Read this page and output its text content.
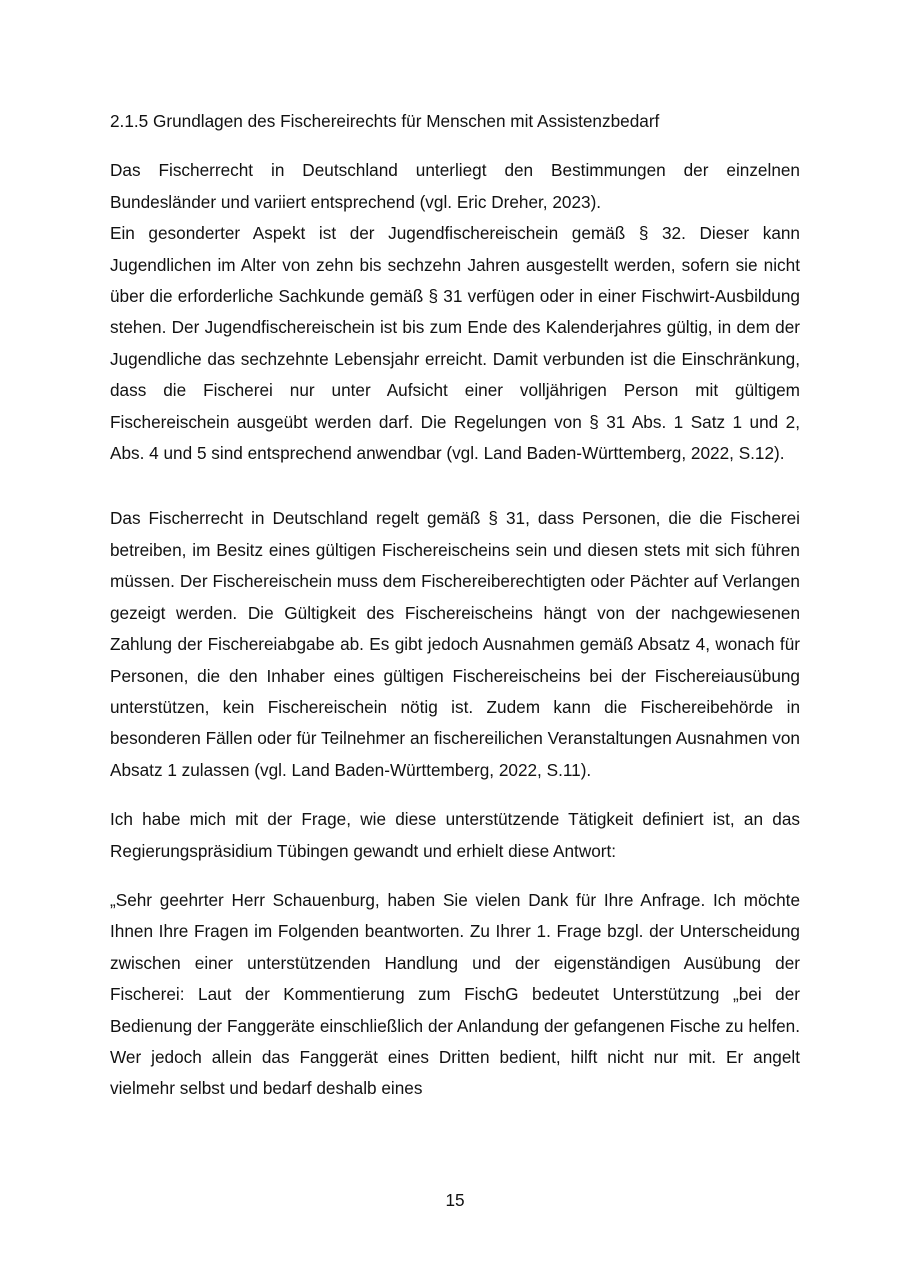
2.1.5 Grundlagen des Fischereirechts für Menschen mit Assistenzbedarf

Das Fischerrecht in Deutschland unterliegt den Bestimmungen der einzelnen Bundesländer und variiert entsprechend (vgl. Eric Dreher, 2023).

Ein gesonderter Aspekt ist der Jugendfischereischein gemäß § 32. Dieser kann Jugendlichen im Alter von zehn bis sechzehn Jahren ausgestellt werden, sofern sie nicht über die erforderliche Sachkunde gemäß § 31 verfügen oder in einer Fischwirt-Ausbildung stehen. Der Jugendfischereischein ist bis zum Ende des Kalenderjahres gültig, in dem der Jugendliche das sechzehnte Lebensjahr erreicht. Damit verbunden ist die Einschränkung, dass die Fischerei nur unter Aufsicht einer volljährigen Person mit gültigem Fischereischein ausgeübt werden darf. Die Regelungen von § 31 Abs. 1 Satz 1 und 2, Abs. 4 und 5 sind entsprechend anwendbar (vgl. Land Baden-Württemberg, 2022, S.12).

Das Fischerrecht in Deutschland regelt gemäß § 31, dass Personen, die die Fischerei betreiben, im Besitz eines gültigen Fischereischeins sein und diesen stets mit sich führen müssen. Der Fischereischein muss dem Fischereiberechtigten oder Pächter auf Verlangen gezeigt werden. Die Gültigkeit des Fischereischeins hängt von der nachgewiesenen Zahlung der Fischereiabgabe ab. Es gibt jedoch Ausnahmen gemäß Absatz 4, wonach für Personen, die den Inhaber eines gültigen Fischereischeins bei der Fischereiausübung unterstützen, kein Fischereischein nötig ist. Zudem kann die Fischereibehörde in besonderen Fällen oder für Teilnehmer an fischereilichen Veranstaltungen Ausnahmen von Absatz 1 zulassen (vgl. Land Baden-Württemberg, 2022, S.11).

Ich habe mich mit der Frage, wie diese unterstützende Tätigkeit definiert ist, an das Regierungspräsidium Tübingen gewandt und erhielt diese Antwort:

„Sehr geehrter Herr Schauenburg, haben Sie vielen Dank für Ihre Anfrage. Ich möchte Ihnen Ihre Fragen im Folgenden beantworten. Zu Ihrer 1. Frage bzgl. der Unterscheidung zwischen einer unterstützenden Handlung und der eigenständigen Ausübung der Fischerei: Laut der Kommentierung zum FischG bedeutet Unterstützung „bei der Bedienung der Fanggeräte einschließlich der Anlandung der gefangenen Fische zu helfen. Wer jedoch allein das Fanggerät eines Dritten bedient, hilft nicht nur mit. Er angelt vielmehr selbst und bedarf deshalb eines

15
